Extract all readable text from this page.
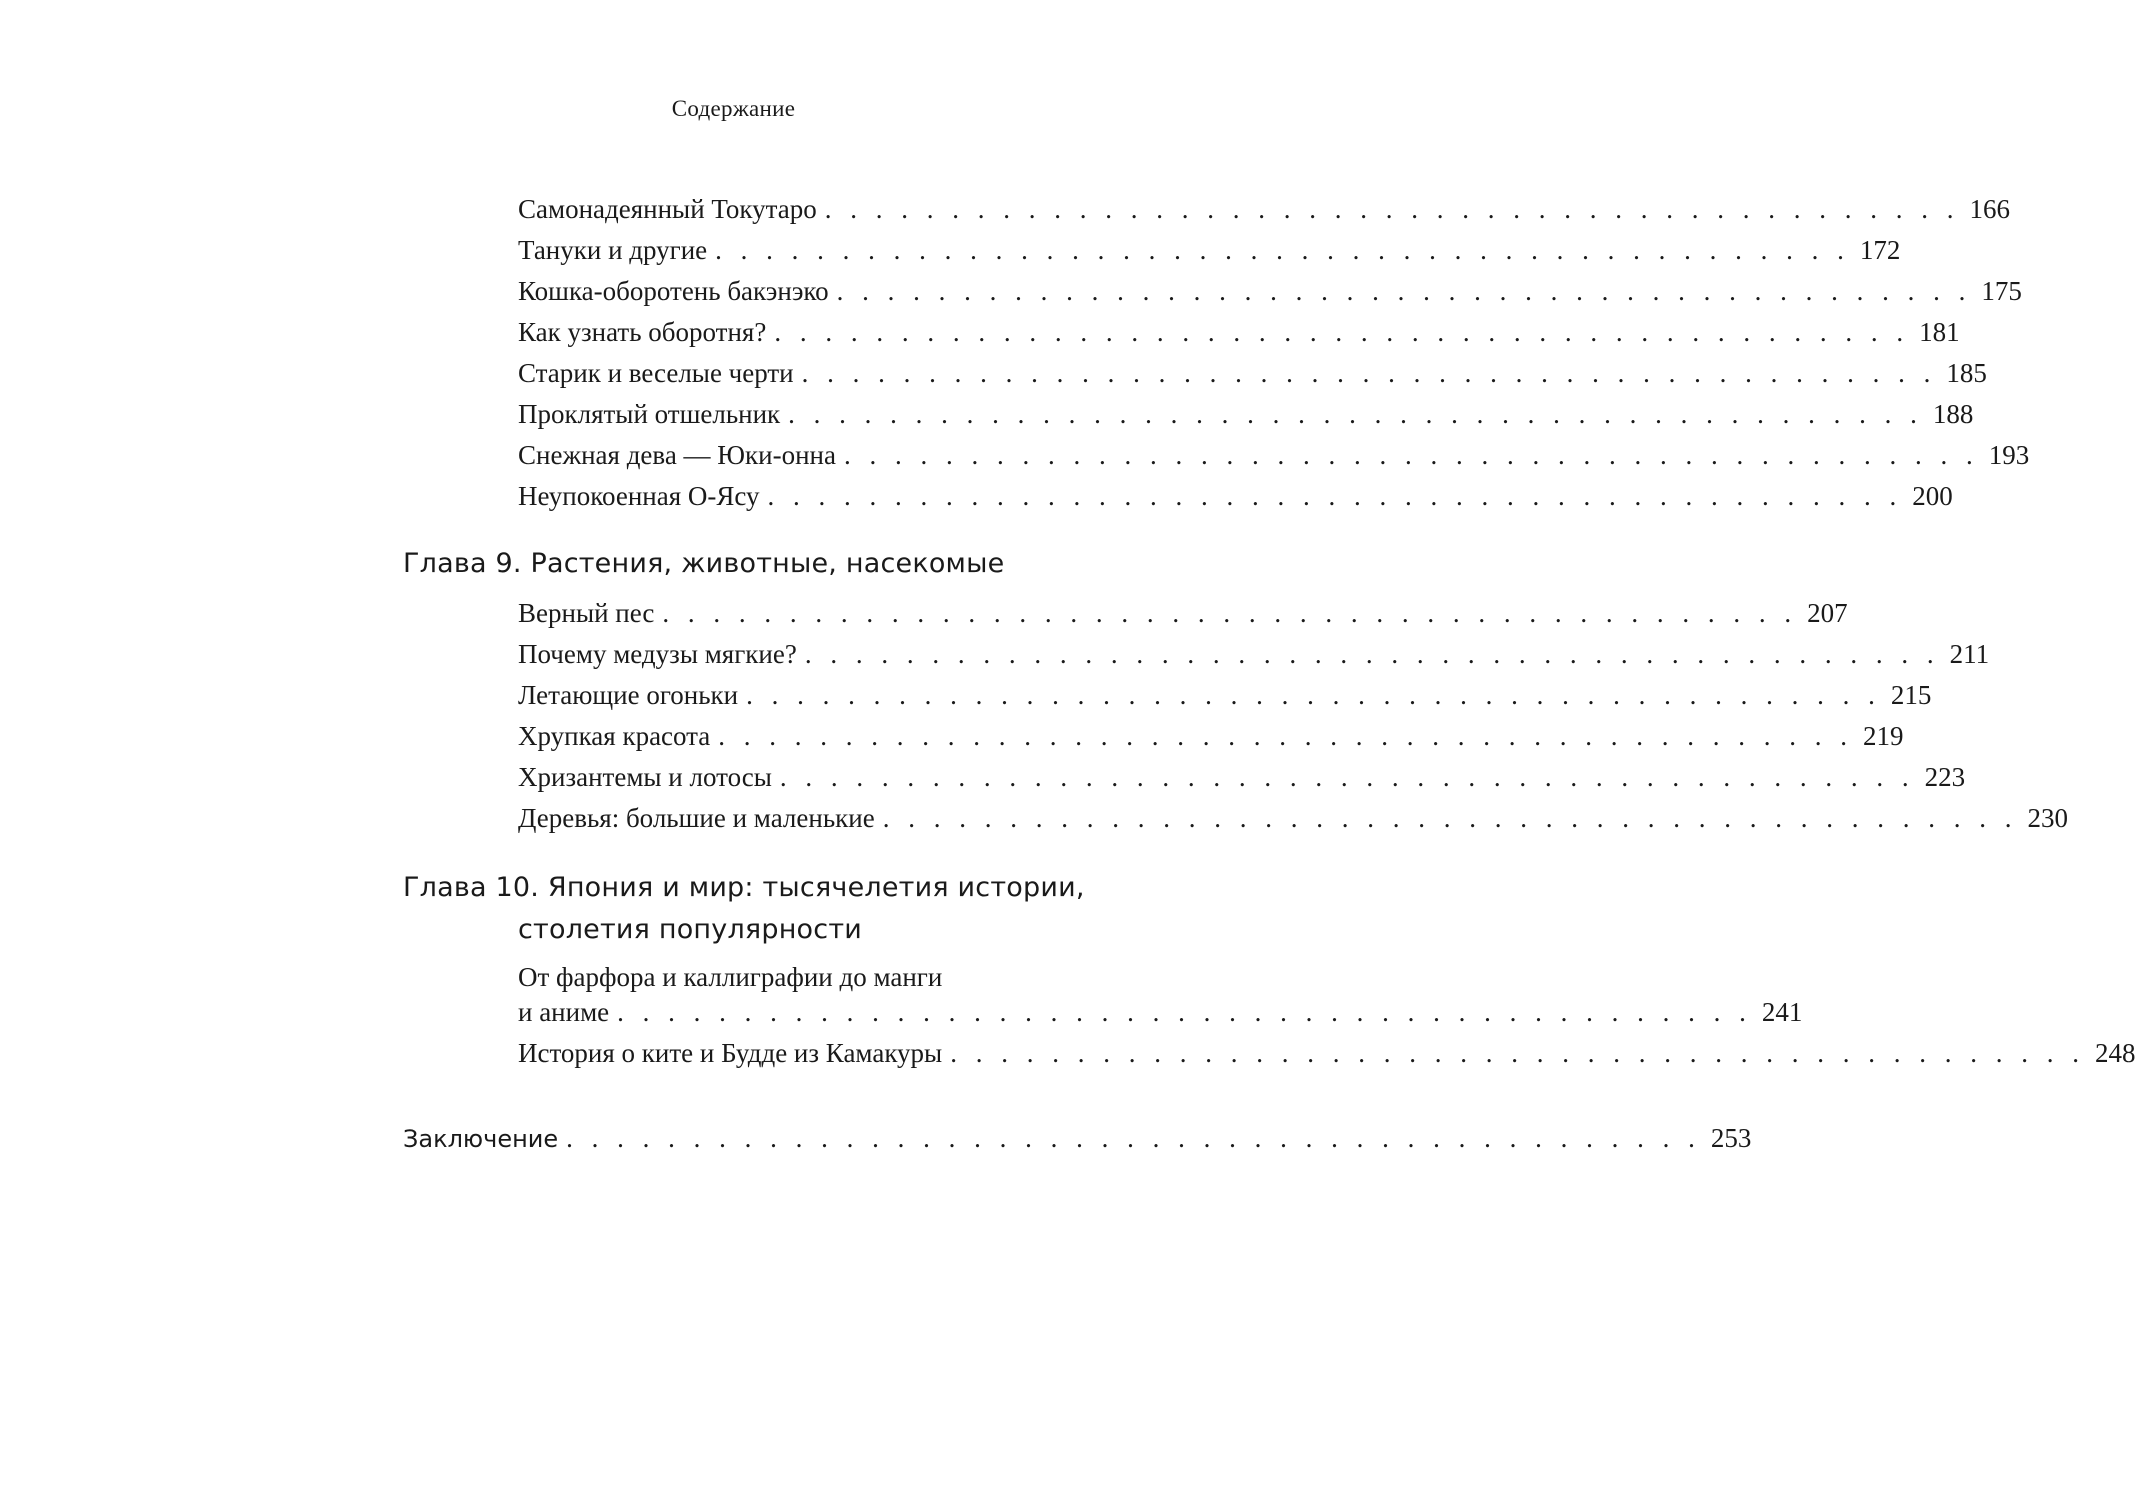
Содержание
Самонадеянный Токутаро . . . . . . . . . . . . . . . . . . . . . . . . . . . . . . . . . . . . . . . . . . . . . 166
Тануки и другие . . . . . . . . . . . . . . . . . . . . . . . . . . . . . . . . . . . . . . . . . . . . . 172
Кошка-оборотень бакэнэко . . . . . . . . . . . . . . . . . . . . . . . . . . . . . . . . . . . . . . . . . . . . . 175
Как узнать оборотня? . . . . . . . . . . . . . . . . . . . . . . . . . . . . . . . . . . . . . . . . . . . . . 181
Старик и веселые черти . . . . . . . . . . . . . . . . . . . . . . . . . . . . . . . . . . . . . . . . . . . . . 185
Проклятый отшельник . . . . . . . . . . . . . . . . . . . . . . . . . . . . . . . . . . . . . . . . . . . . . 188
Снежная дева — Юки-онна . . . . . . . . . . . . . . . . . . . . . . . . . . . . . . . . . . . . . . . . . . . . . 193
Неупокоенная О-Ясу . . . . . . . . . . . . . . . . . . . . . . . . . . . . . . . . . . . . . . . . . . . . . 200
Глава 9. Растения, животные, насекомые
Верный пес . . . . . . . . . . . . . . . . . . . . . . . . . . . . . . . . . . . . . . . . . . . . . 207
Почему медузы мягкие? . . . . . . . . . . . . . . . . . . . . . . . . . . . . . . . . . . . . . . . . . . . . . 211
Летающие огоньки . . . . . . . . . . . . . . . . . . . . . . . . . . . . . . . . . . . . . . . . . . . . . 215
Хрупкая красота . . . . . . . . . . . . . . . . . . . . . . . . . . . . . . . . . . . . . . . . . . . . . 219
Хризантемы и лотосы . . . . . . . . . . . . . . . . . . . . . . . . . . . . . . . . . . . . . . . . . . . . . 223
Деревья: большие и маленькие . . . . . . . . . . . . . . . . . . . . . . . . . . . . . . . . . . . . . . . . . . . . . 230
Глава 10. Япония и мир: тысячелетия истории,
столетия популярности
От фарфора и каллиграфии до манги
и аниме . . . . . . . . . . . . . . . . . . . . . . . . . . . . . . . . . . . . . . . . . . . . . 241
История о ките и Будде из Камакуры . . . . . . . . . . . . . . . . . . . . . . . . . . . . . . . . . . . . . . . . . . . . . 248
Заключение . . . . . . . . . . . . . . . . . . . . . . . . . . . . . . . . . . . . . . . . . . . . . 253
